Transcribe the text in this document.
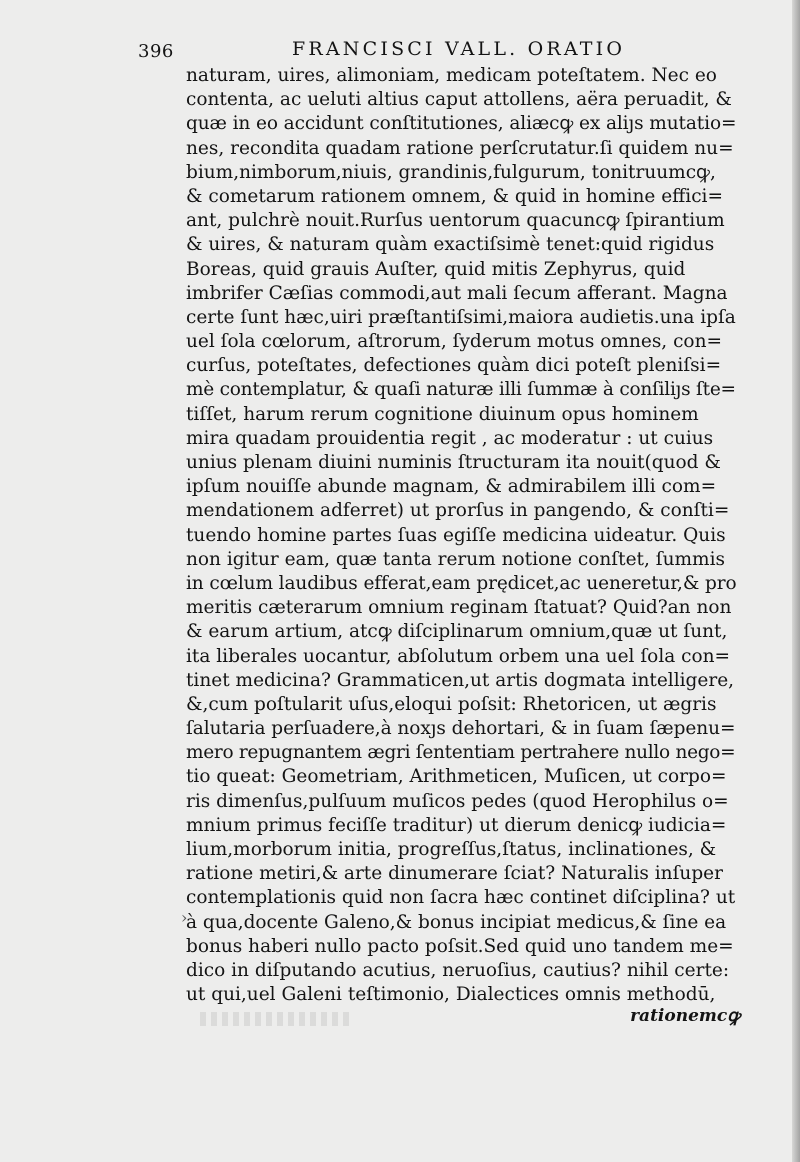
396	FRANCISCI VALL. ORATIO
›
naturam, uires, alimoniam, medicam poteſtatem. Nec eo
contenta, ac ueluti altius caput attollens, aëra peruadit, &
quæ in eo accidunt conſtitutiones, aliæcꝙ ex aliȷs mutatio=
nes, recondita quadam ratione perſcrutatur.ſi quidem nu=
bium,nimborum,niuis, grandinis,fulgurum, tonitruumcꝙ,
& cometarum rationem omnem, & quid in homine effici=
ant, pulchrè nouit.Rurſus uentorum quacuncꝙ ſpirantium
& uires, & naturam quàm exactiſsimè tenet:quid rigidus
Boreas, quid grauis Auſter, quid mitis Zephyrus, quid
imbrifer Cæſias commodi,aut mali ſecum afferant. Magna
certe ſunt hæc,uiri præſtantiſsimi,maiora audietis.una ipſa
uel ſola cœlorum, aſtrorum, ſyderum motus omnes, con=
curſus, poteſtates, defectiones quàm dici poteſt pleniſsi=
mè contemplatur, & quaſi naturæ illi ſummæ à conſiliȷs ſte=
tiſſet, harum rerum cognitione diuinum opus hominem
mira quadam prouidentia regit , ac moderatur : ut cuius
unius plenam diuini numinis ſtructuram ita nouit(quod &
ipſum nouiſſe abunde magnam, & admirabilem illi com=
mendationem adferret) ut prorſus in pangendo, & conſti=
tuendo homine partes ſuas egiſſe medicina uideatur. Quis
non igitur eam, quæ tanta rerum notione conſtet, ſummis
in cœlum laudibus efferat,eam prędicet,ac ueneretur,& pro
meritis cæterarum omnium reginam ſtatuat? Quid?an non
& earum artium, atcꝙ diſciplinarum omnium,quæ ut ſunt,
ita liberales uocantur, abſolutum orbem una uel ſola con=
tinet medicina? Grammaticen,ut artis dogmata intelligere,
&,cum poſtularit uſus,eloqui poſsit: Rhetoricen, ut ægris
ſalutaria perſuadere,à noxȷs dehortari, & in ſuam ſæpenu=
mero repugnantem ægri ſententiam pertrahere nullo nego=
tio queat: Geometriam, Arithmeticen, Muſicen, ut corpo=
ris dimenſus,pulſuum muſicos pedes (quod Herophilus o=
mnium primus feciſſe traditur) ut dierum denicꝙ iudicia=
lium,morborum initia, progreſſus,ſtatus, inclinationes, &
ratione metiri,& arte dinumerare ſciat? Naturalis inſuper
contemplationis quid non ſacra hæc continet diſciplina? ut
à qua,docente Galeno,& bonus incipiat medicus,& ſine ea
bonus haberi nullo pacto poſsit.Sed quid uno tandem me=
dico in diſputando acutius, neruoſius, cautius? nihil certe:
ut qui,uel Galeni teſtimonio, Dialectices omnis methodū,
rationemcꝙ
